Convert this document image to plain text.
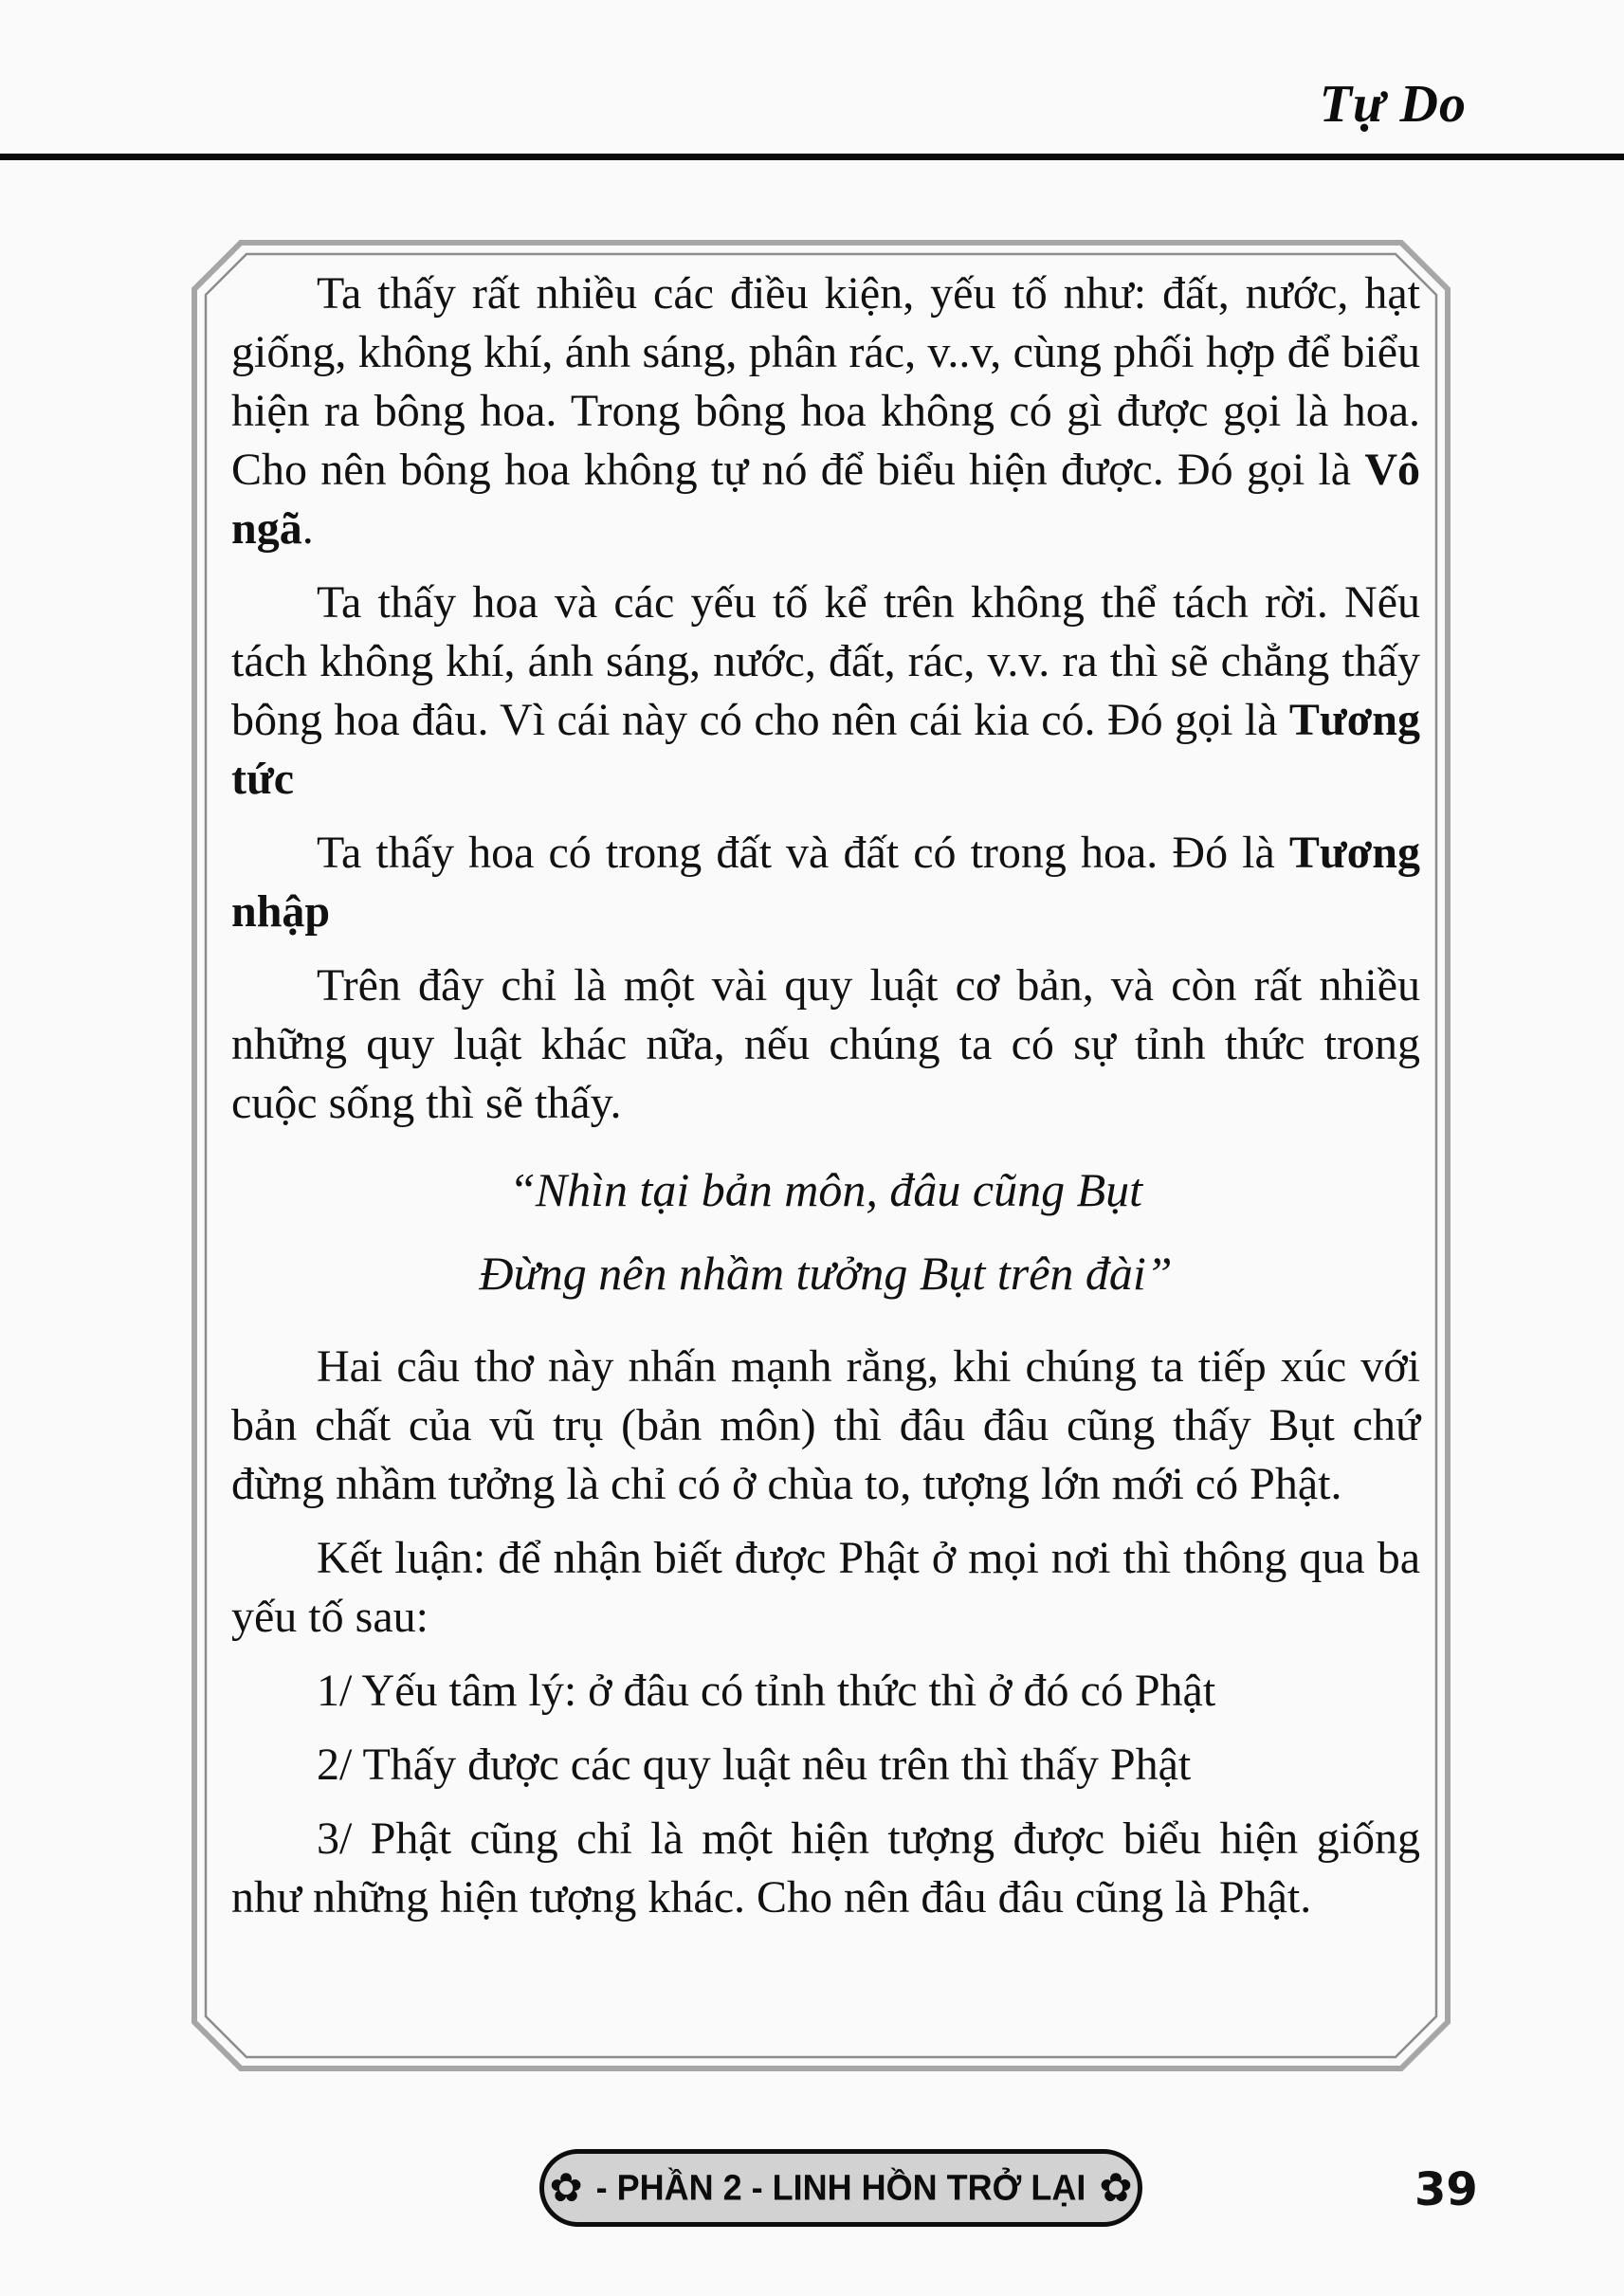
Tự Do

Ta thấy rất nhiều các điều kiện, yếu tố như: đất, nước, hạt giống, không khí, ánh sáng, phân rác, v..v, cùng phối hợp để biểu hiện ra bông hoa. Trong bông hoa không có gì được gọi là hoa. Cho nên bông hoa không tự nó để biểu hiện được. Đó gọi là Vô ngã.

Ta thấy hoa và các yếu tố kể trên không thể tách rời. Nếu tách không khí, ánh sáng, nước, đất, rác, v.v. ra thì sẽ chẳng thấy bông hoa đâu. Vì cái này có cho nên cái kia có. Đó gọi là Tương tức

Ta thấy hoa có trong đất và đất có trong hoa. Đó là Tương nhập

Trên đây chỉ là một vài quy luật cơ bản, và còn rất nhiều những quy luật khác nữa, nếu chúng ta có sự tỉnh thức trong cuộc sống thì sẽ thấy.

“Nhìn tại bản môn, đâu cũng Bụt
Đừng nên nhầm tưởng Bụt trên đài”

Hai câu thơ này nhấn mạnh rằng, khi chúng ta tiếp xúc với bản chất của vũ trụ (bản môn) thì đâu đâu cũng thấy Bụt chứ đừng nhầm tưởng là chỉ có ở chùa to, tượng lớn mới có Phật.

Kết luận: để nhận biết được Phật ở mọi nơi thì thông qua ba yếu tố sau:

1/ Yếu tâm lý: ở đâu có tỉnh thức thì ở đó có Phật

2/ Thấy được các quy luật nêu trên thì thấy Phật

3/ Phật cũng chỉ là một hiện tượng được biểu hiện giống như những hiện tượng khác. Cho nên đâu đâu cũng là Phật.

✿ - PHẦN 2 - LINH HỒN TRỞ LẠI ✿	39
